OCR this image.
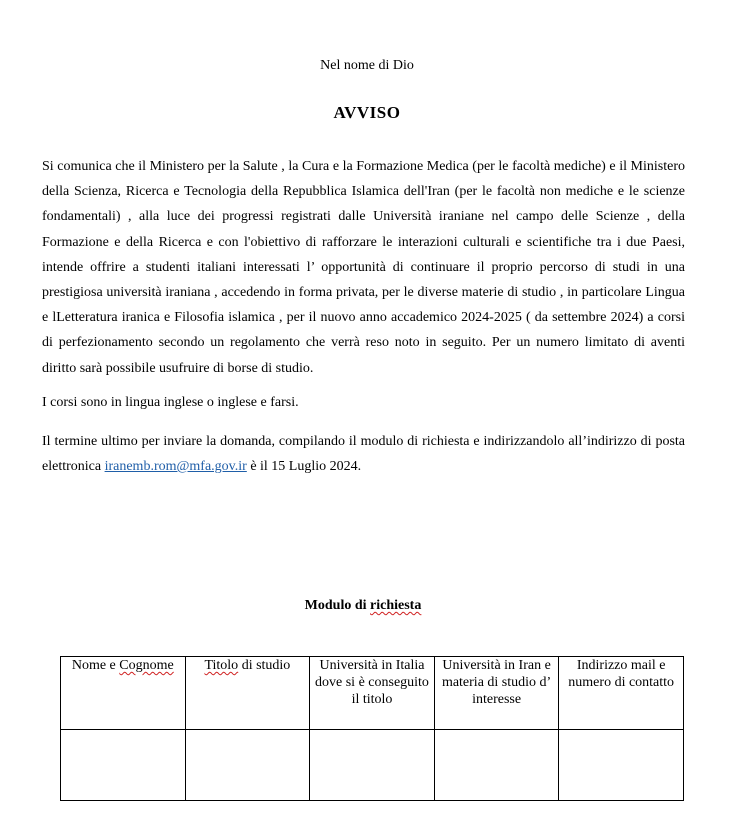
Nel nome di Dio
AVVISO

Si comunica che il Ministero per la Salute , la Cura e la Formazione Medica (per le facoltà mediche) e il Ministero della Scienza, Ricerca e Tecnologia della Repubblica Islamica dell'Iran (per le facoltà non mediche e le scienze fondamentali) , alla luce dei progressi registrati dalle Università iraniane nel campo delle Scienze , della Formazione e della Ricerca e con l'obiettivo di rafforzare le interazioni culturali e scientifiche tra i due Paesi, intende offrire a studenti italiani interessati l’ opportunità di continuare il proprio percorso di studi in una prestigiosa università iraniana , accedendo in forma privata, per le diverse materie di studio , in particolare Lingua e lLetteratura iranica e Filosofia islamica , per il nuovo anno accademico 2024-2025 ( da settembre 2024) a corsi di perfezionamento secondo un regolamento che verrà reso noto in seguito. Per un numero limitato di aventi diritto sarà possibile usufruire di borse di studio.

I corsi sono in lingua inglese o inglese e farsi.

Il termine ultimo per inviare la domanda, compilando il modulo di richiesta e indirizzandolo all’indirizzo di posta elettronica iranemb.rom@mfa.gov.ir è il 15 Luglio 2024.

Modulo di richiesta
Nome e Cognome	Titolo di studio	Università in Italia dove si è conseguito il titolo	Università in Iran e materia di studio d’ interesse	Indirizzo mail e numero di contatto
